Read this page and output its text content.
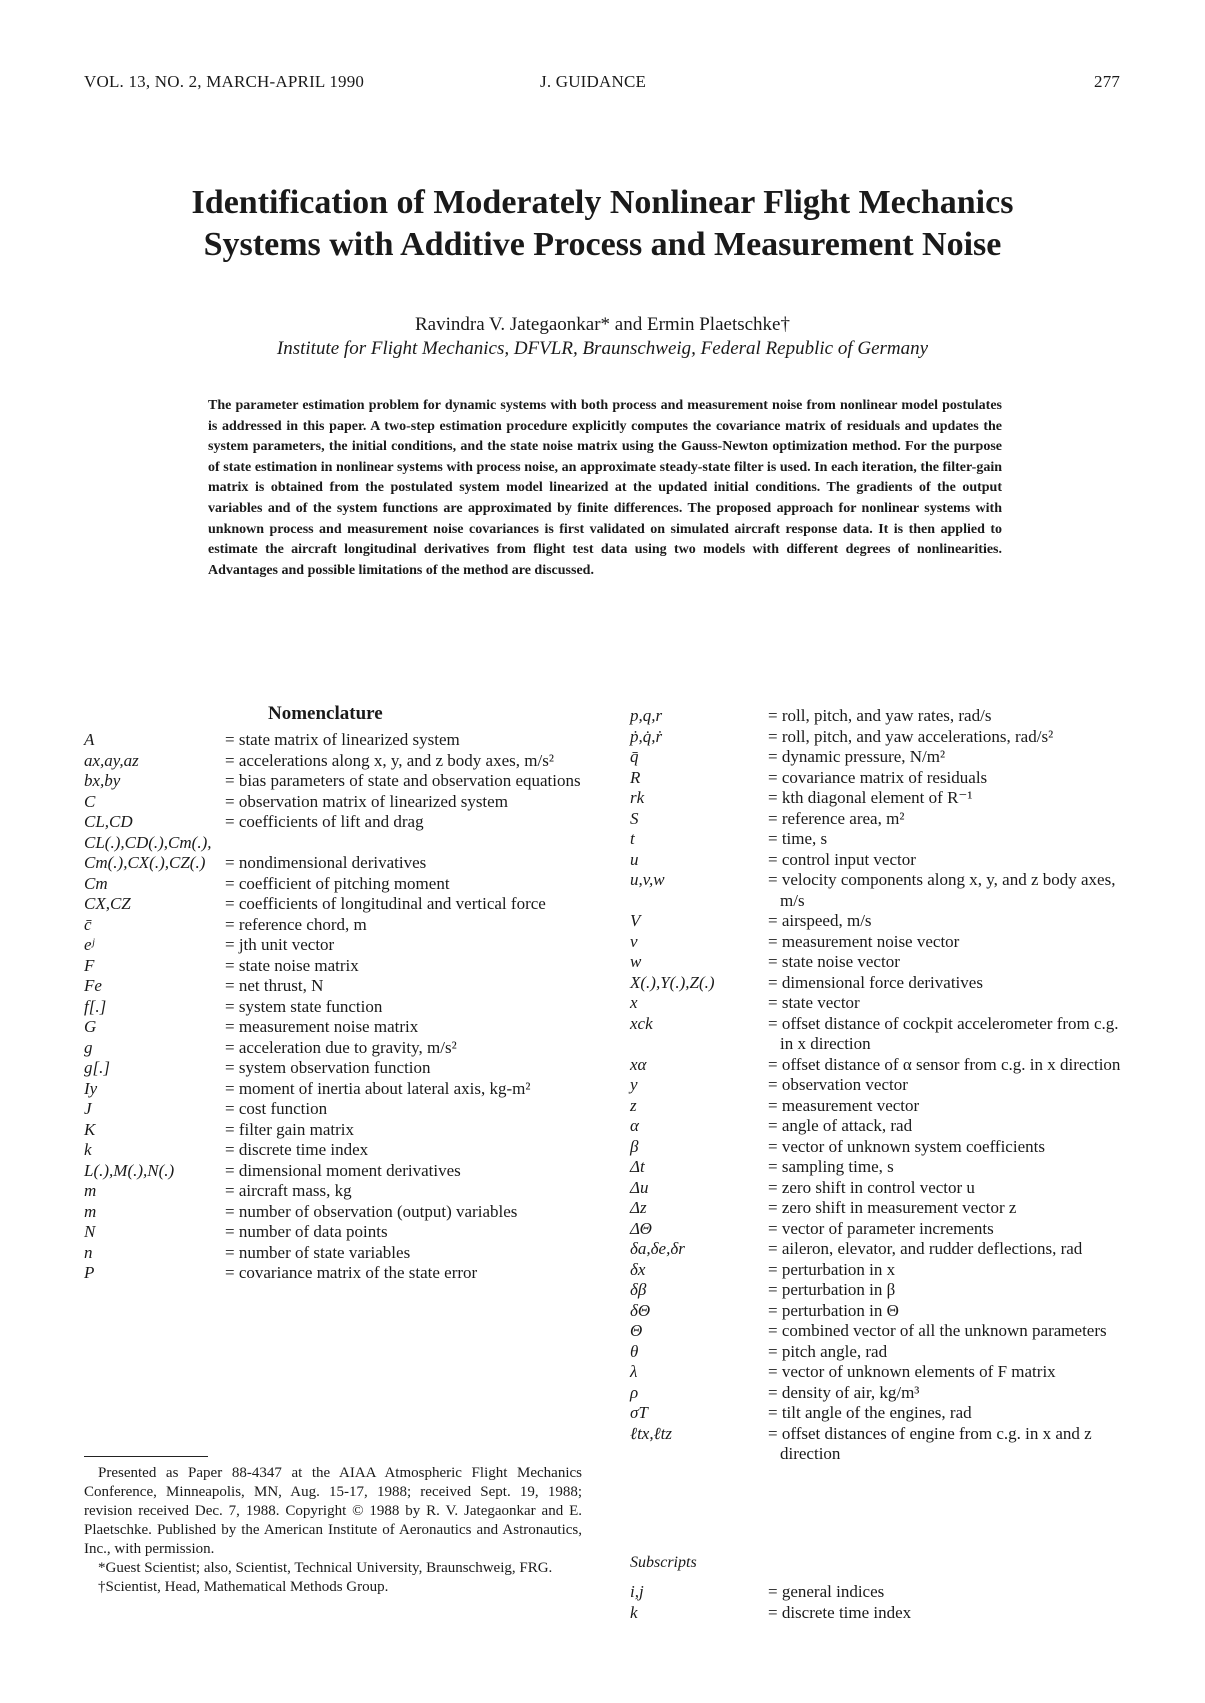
VOL. 13, NO. 2, MARCH-APRIL 1990	J. GUIDANCE	277
Identification of Moderately Nonlinear Flight Mechanics
Systems with Additive Process and Measurement Noise
Ravindra V. Jategaonkar* and Ermin Plaetschke†
Institute for Flight Mechanics, DFVLR, Braunschweig, Federal Republic of Germany
The parameter estimation problem for dynamic systems with both process and measurement noise from nonlinear model postulates is addressed in this paper. A two-step estimation procedure explicitly computes the covariance matrix of residuals and updates the system parameters, the initial conditions, and the state noise matrix using the Gauss-Newton optimization method. For the purpose of state estimation in nonlinear systems with process noise, an approximate steady-state filter is used. In each iteration, the filter-gain matrix is obtained from the postulated system model linearized at the updated initial conditions. The gradients of the output variables and of the system functions are approximated by finite differences. The proposed approach for nonlinear systems with unknown process and measurement noise covariances is first validated on simulated aircraft response data. It is then applied to estimate the aircraft longitudinal derivatives from flight test data using two models with different degrees of nonlinearities. Advantages and possible limitations of the method are discussed.
Nomenclature
A	= state matrix of linearized system
ax,ay,az	= accelerations along x, y, and z body axes, m/s²
bx,by	= bias parameters of state and observation equations
C	= observation matrix of linearized system
CL,CD	= coefficients of lift and drag
CL(.),CD(.),Cm(.),
Cm(.),CX(.),CZ(.)	= nondimensional derivatives
Cm	= coefficient of pitching moment
CX,CZ	= coefficients of longitudinal and vertical force
c̄	= reference chord, m
eʲ	= jth unit vector
F	= state noise matrix
Fe	= net thrust, N
f[.]	= system state function
G	= measurement noise matrix
g	= acceleration due to gravity, m/s²
g[.]	= system observation function
Iy	= moment of inertia about lateral axis, kg-m²
J	= cost function
K	= filter gain matrix
k	= discrete time index
L(.),M(.),N(.)	= dimensional moment derivatives
m	= aircraft mass, kg
m	= number of observation (output) variables
N	= number of data points
n	= number of state variables
P	= covariance matrix of the state error
p,q,r	= roll, pitch, and yaw rates, rad/s
ṗ,q̇,ṙ	= roll, pitch, and yaw accelerations, rad/s²
q̄	= dynamic pressure, N/m²
R	= covariance matrix of residuals
rk	= kth diagonal element of R⁻¹
S	= reference area, m²
t	= time, s
u	= control input vector
u,v,w	= velocity components along x, y, and z body axes, m/s
V	= airspeed, m/s
v	= measurement noise vector
w	= state noise vector
X(.),Y(.),Z(.)	= dimensional force derivatives
x	= state vector
xck	= offset distance of cockpit accelerometer from c.g. in x direction
xα	= offset distance of α sensor from c.g. in x direction
y	= observation vector
z	= measurement vector
α	= angle of attack, rad
β	= vector of unknown system coefficients
Δt	= sampling time, s
Δu	= zero shift in control vector u
Δz	= zero shift in measurement vector z
ΔΘ	= vector of parameter increments
δa,δe,δr	= aileron, elevator, and rudder deflections, rad
δx	= perturbation in x
δβ	= perturbation in β
δΘ	= perturbation in Θ
Θ	= combined vector of all the unknown parameters
θ	= pitch angle, rad
λ	= vector of unknown elements of F matrix
ρ	= density of air, kg/m³
σT	= tilt angle of the engines, rad
ℓtx,ℓtz	= offset distances of engine from c.g. in x and z direction
Subscripts
i,j	= general indices
k	= discrete time index

Presented as Paper 88-4347 at the AIAA Atmospheric Flight Mechanics Conference, Minneapolis, MN, Aug. 15-17, 1988; received Sept. 19, 1988; revision received Dec. 7, 1988. Copyright © 1988 by R. V. Jategaonkar and E. Plaetschke. Published by the American Institute of Aeronautics and Astronautics, Inc., with permission.

*Guest Scientist; also, Scientist, Technical University, Braunschweig, FRG.

†Scientist, Head, Mathematical Methods Group.
